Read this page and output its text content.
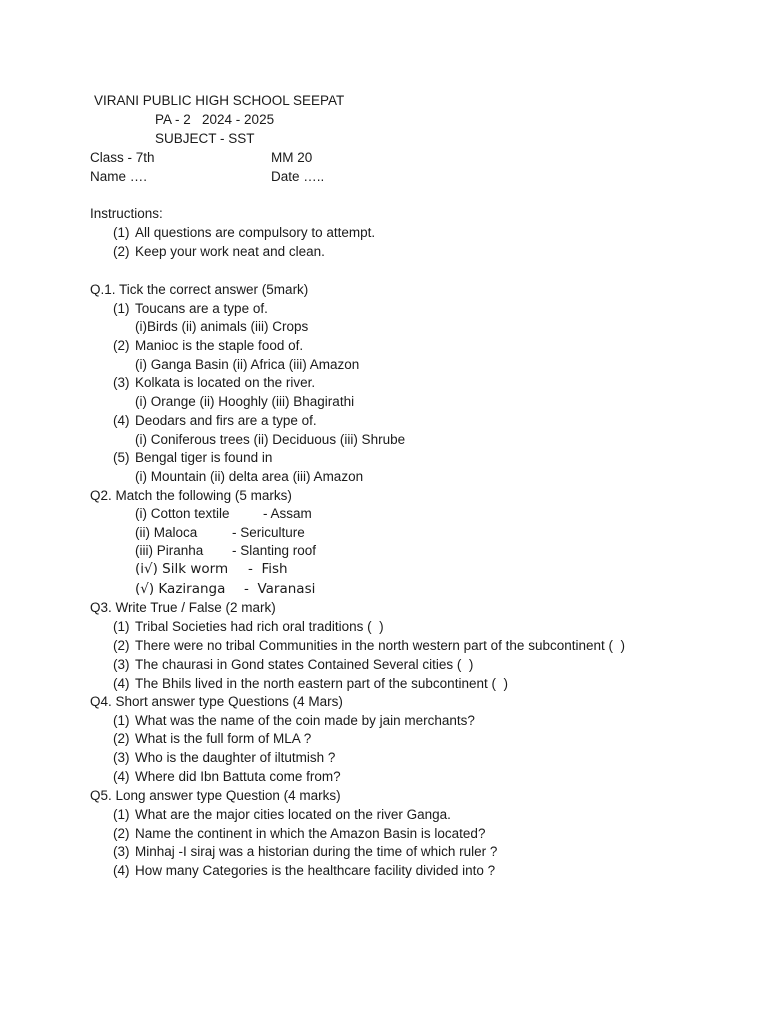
VIRANI PUBLIC HIGH SCHOOL SEEPAT
PA - 2   2024 - 2025
SUBJECT - SST
Class - 7th	MM 20
Name ….	Date …..
Instructions:
(1) All questions are compulsory to attempt.
(2) Keep your work neat and clean.
Q.1. Tick the correct answer (5mark)
(1) Toucans are a type of.
(i)Birds (ii) animals (iii) Crops
(2) Manioc is the staple food of.
(i) Ganga Basin (ii) Africa (iii) Amazon
(3) Kolkata is located on the river.
(i) Orange (ii) Hooghly (iii) Bhagirathi
(4) Deodars and firs are a type of.
(i) Coniferous trees (ii) Deciduous (iii) Shrube
(5) Bengal tiger is found in
(i) Mountain (ii) delta area (iii) Amazon
Q2. Match the following (5 marks)
(i) Cotton textile - Assam
(ii) Maloca	- Sericulture
(iii) Piranha - Slanting roof
(i√) Silk worm -  Fish
(√) Kaziranga -  Varanasi
Q3. Write True / False (2 mark)
(1) Tribal Societies had rich oral traditions (  )
(2) There were no tribal Communities in the north western part of the subcontinent (  )
(3) The chaurasi in Gond states Contained Several cities (  )
(4) The Bhils lived in the north eastern part of the subcontinent (  )
Q4. Short answer type Questions (4 Mars)
(1) What was the name of the coin made by jain merchants?
(2) What is the full form of MLA ?
(3) Who is the daughter of iltutmish ?
(4) Where did Ibn Battuta come from?
Q5. Long answer type Question (4 marks)
(1) What are the major cities located on the river Ganga.
(2) Name the continent in which the Amazon Basin is located?
(3) Minhaj -I siraj was a historian during the time of which ruler ?
(4) How many Categories is the healthcare facility divided into ?
